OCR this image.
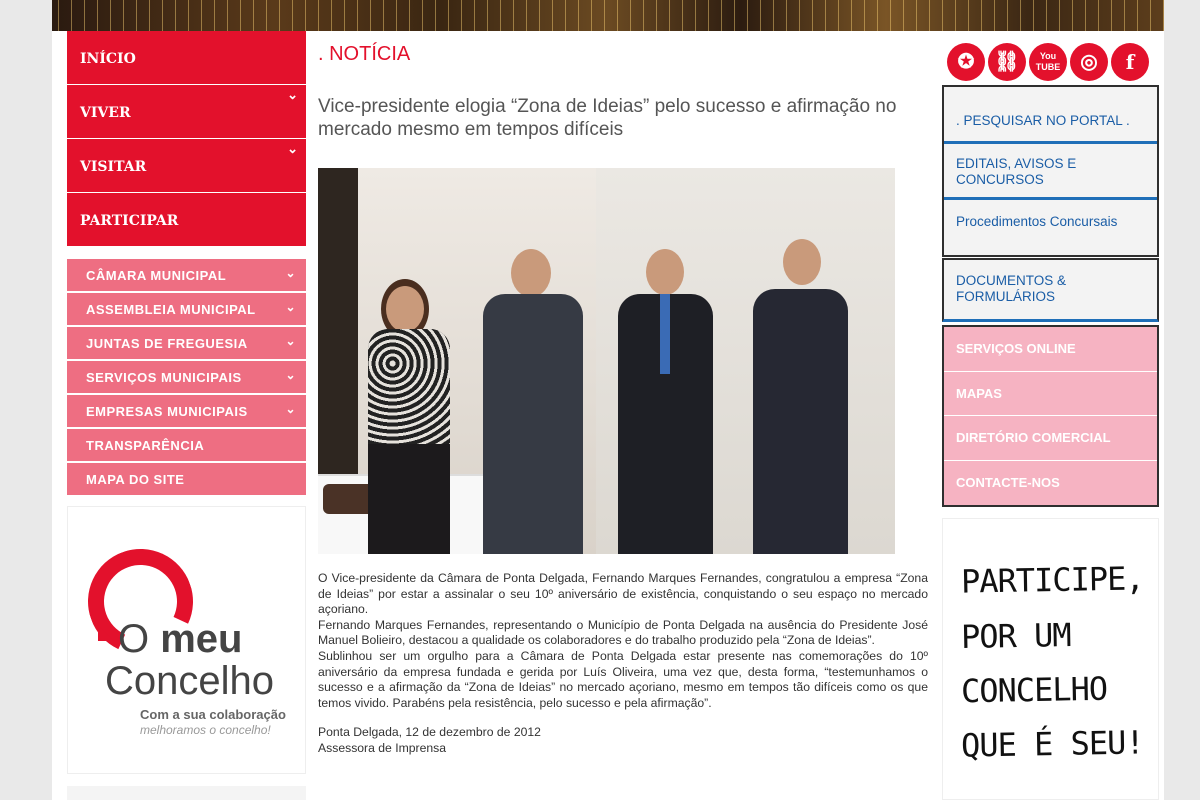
INÍCIO
VIVER
⌄
VISITAR
⌄
PARTICIPAR
CÂMARA MUNICIPAL	⌄
ASSEMBLEIA MUNICIPAL ⌄
JUNTAS DE FREGUESIA	⌄
SERVIÇOS MUNICIPAIS	⌄
EMPRESAS MUNICIPAIS	⌄
TRANSPARÊNCIA
MAPA DO SITE
O meu
Concelho
Com a sua colaboração
melhoramos o concelho!
. NOTÍCIA
Vice-presidente elogia “Zona de Ideias” pelo sucesso e afirmação no mercado mesmo em tempos difíceis

O Vice-presidente da Câmara de Ponta Delgada, Fernando Marques Fernandes, congratulou a empresa “Zona de Ideias” por estar a assinalar o seu 10º aniversário de existência, conquistando o seu espaço no mercado açoriano.

Fernando Marques Fernandes, representando o Município de Ponta Delgada na ausência do Presidente José Manuel Bolieiro, destacou a qualidade os colaboradores e do trabalho produzido pela “Zona de Ideias”.

Sublinhou ser um orgulho para a Câmara de Ponta Delgada estar presente nas comemorações do 10º aniversário da empresa fundada e gerida por Luís Oliveira, uma vez que, desta forma, “testemunhamos o sucesso e a afirmação da “Zona de Ideias” no mercado açoriano, mesmo em tempos tão difíceis como os que temos vivido. Parabéns pela resistência, pelo sucesso e pela afirmação”.

Ponta Delgada, 12 de dezembro de 2012
Assessora de Imprensa
✪ ⛓	You
TUBE	◎	f
. PESQUISAR NO PORTAL .
EDITAIS, AVISOS E CONCURSOS
Procedimentos Concursais
DOCUMENTOS & FORMULÁRIOS
SERVIÇOS ONLINE
MAPAS
DIRETÓRIO COMERCIAL
CONTACTE-NOS
PARTICIPE,
POR UM
CONCELHO
QUE É SEU!
